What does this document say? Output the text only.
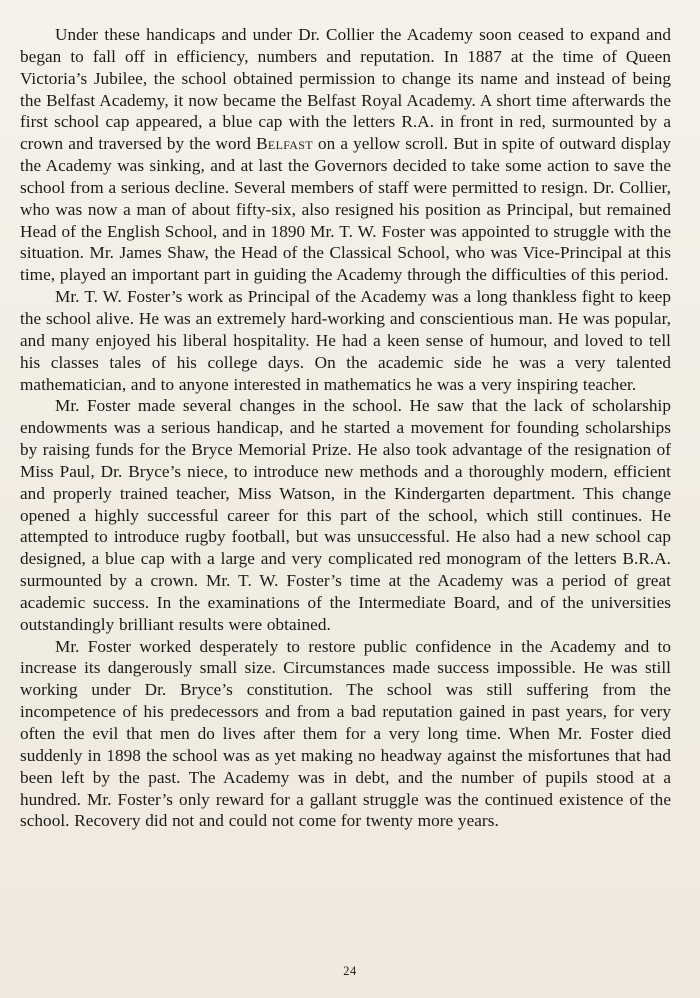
Under these handicaps and under Dr. Collier the Academy soon ceased to expand and began to fall off in efficiency, numbers and reputation. In 1887 at the time of Queen Victoria’s Jubilee, the school obtained permission to change its name and instead of being the Belfast Academy, it now became the Belfast Royal Academy. A short time afterwards the first school cap appeared, a blue cap with the letters R.A. in front in red, surmounted by a crown and traversed by the word Belfast on a yellow scroll. But in spite of outward display the Academy was sinking, and at last the Governors decided to take some action to save the school from a serious decline. Several members of staff were permitted to resign. Dr. Collier, who was now a man of about fifty-six, also resigned his position as Principal, but remained Head of the English School, and in 1890 Mr. T. W. Foster was appointed to struggle with the situation. Mr. James Shaw, the Head of the Classical School, who was Vice-Principal at this time, played an important part in guiding the Academy through the difficulties of this period.

Mr. T. W. Foster’s work as Principal of the Academy was a long thankless fight to keep the school alive. He was an extremely hard-working and conscientious man. He was popular, and many enjoyed his liberal hospitality. He had a keen sense of humour, and loved to tell his classes tales of his college days. On the academic side he was a very talented mathematician, and to anyone interested in mathematics he was a very inspiring teacher.

Mr. Foster made several changes in the school. He saw that the lack of scholarship endowments was a serious handicap, and he started a movement for founding scholarships by raising funds for the Bryce Memorial Prize. He also took advantage of the resignation of Miss Paul, Dr. Bryce’s niece, to introduce new methods and a thoroughly modern, efficient and properly trained teacher, Miss Watson, in the Kindergarten department. This change opened a highly successful career for this part of the school, which still continues. He attempted to introduce rugby football, but was unsuccessful. He also had a new school cap designed, a blue cap with a large and very complicated red monogram of the letters B.R.A. surmounted by a crown. Mr. T. W. Foster’s time at the Academy was a period of great academic success. In the examinations of the Intermediate Board, and of the universities outstandingly brilliant results were obtained.

Mr. Foster worked desperately to restore public confidence in the Academy and to increase its dangerously small size. Circumstances made success impossible. He was still working under Dr. Bryce’s constitution. The school was still suffering from the incompetence of his predecessors and from a bad reputation gained in past years, for very often the evil that men do lives after them for a very long time. When Mr. Foster died suddenly in 1898 the school was as yet making no headway against the misfortunes that had been left by the past. The Academy was in debt, and the number of pupils stood at a hundred. Mr. Foster’s only reward for a gallant struggle was the continued existence of the school. Recovery did not and could not come for twenty more years.

24
